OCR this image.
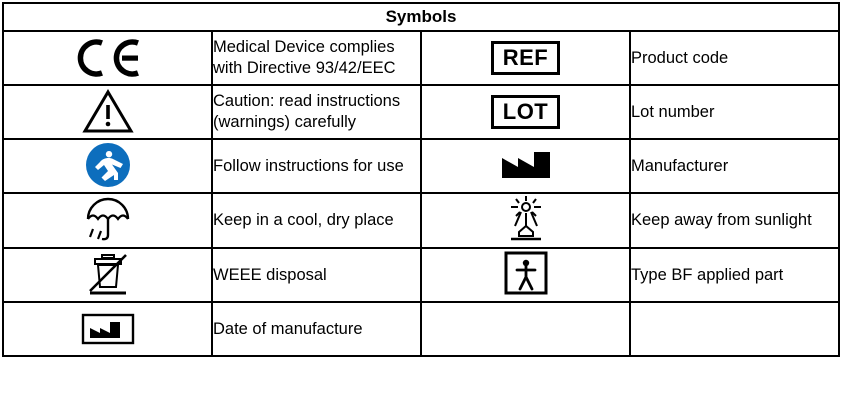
Symbols			

	Medical Device complies with Directive 93/42/EEC	REF	Product code

	Caution: read instructions (warnings) carefully	LOT	Lot number

	Follow instructions for use		Manufacturer

	Keep in a cool, dry place		Keep away from sunlight

	WEEE disposal		Type BF applied part

	Date of manufacture		
